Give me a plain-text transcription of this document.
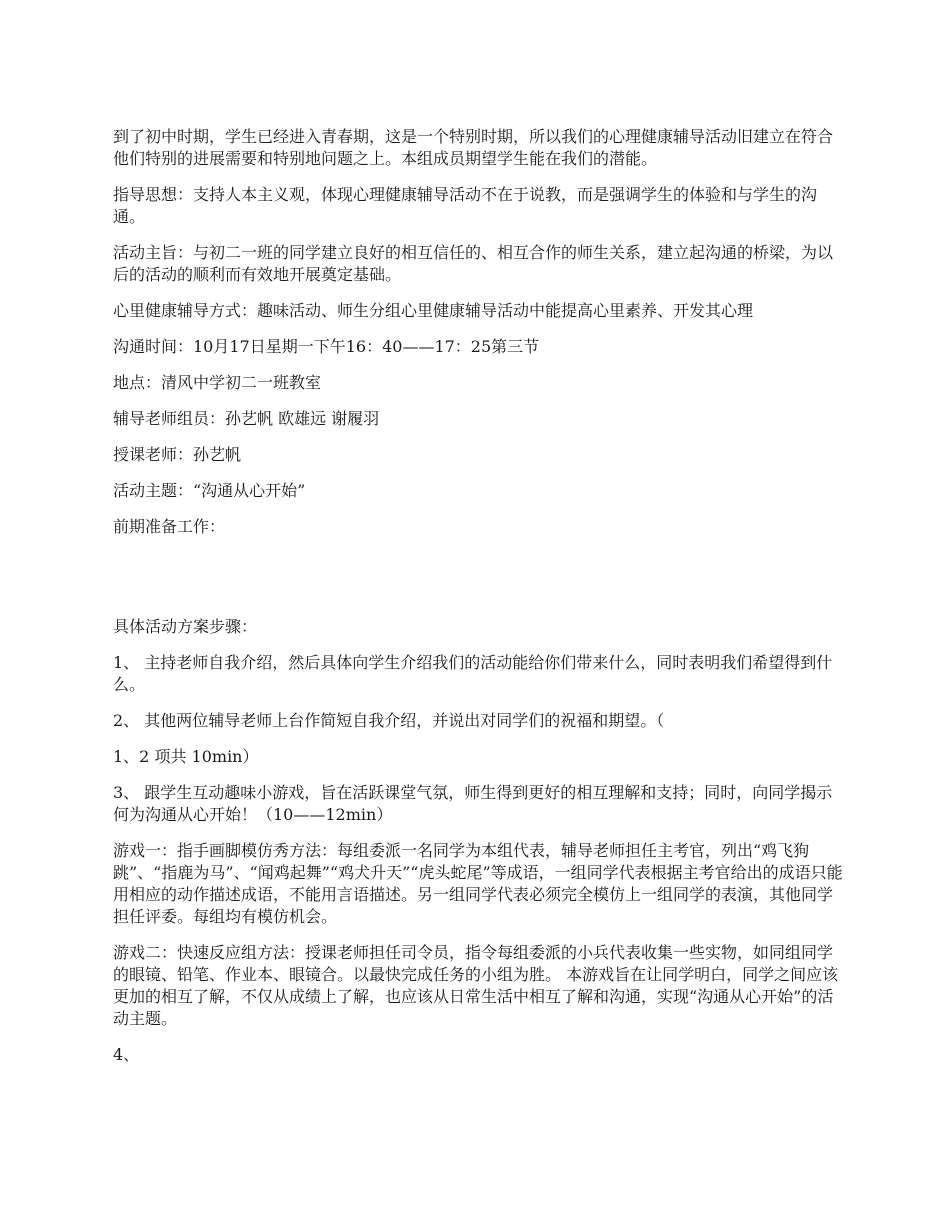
到了初中时期，学生已经进入青春期，这是一个特别时期，所以我们的心理健康辅导活动旧建立在符合他们特别的进展需要和特别地问题之上。本组成员期望学生能在我们的潜能。

指导思想：支持人本主义观，体现心理健康辅导活动不在于说教，而是强调学生的体验和与学生的沟通。

活动主旨：与初二一班的同学建立良好的相互信任的、相互合作的师生关系，建立起沟通的桥梁，为以后的活动的顺利而有效地开展奠定基础。

心里健康辅导方式：趣味活动、师生分组心里健康辅导活动中能提高心里素养、开发其心理

沟通时间：10月17日星期一下午16：40——17：25第三节

地点：清风中学初二一班教室

辅导老师组员：孙艺帆 欧雄远 谢履羽

授课老师：孙艺帆

活动主题：“沟通从心开始”

前期准备工作：

具体活动方案步骤：

1、 主持老师自我介绍，然后具体向学生介绍我们的活动能给你们带来什么，同时表明我们希望得到什么。

2、 其他两位辅导老师上台作简短自我介绍，并说出对同学们的祝福和期望。（

1、2 项共 10min）

3、 跟学生互动趣味小游戏，旨在活跃课堂气氛，师生得到更好的相互理解和支持；同时，向同学揭示何为沟通从心开始！（10——12min）

游戏一：指手画脚模仿秀方法：每组委派一名同学为本组代表，辅导老师担任主考官，列出“鸡飞狗跳”、“指鹿为马”、“闻鸡起舞”“鸡犬升天”“虎头蛇尾”等成语，一组同学代表根据主考官给出的成语只能用相应的动作描述成语，不能用言语描述。另一组同学代表必须完全模仿上一组同学的表演，其他同学担任评委。每组均有模仿机会。

游戏二：快速反应组方法：授课老师担任司令员，指令每组委派的小兵代表收集一些实物，如同组同学的眼镜、铅笔、作业本、眼镜合。以最快完成任务的小组为胜。 本游戏旨在让同学明白，同学之间应该更加的相互了解，不仅从成绩上了解，也应该从日常生活中相互了解和沟通，实现“沟通从心开始”的活动主题。

4、
